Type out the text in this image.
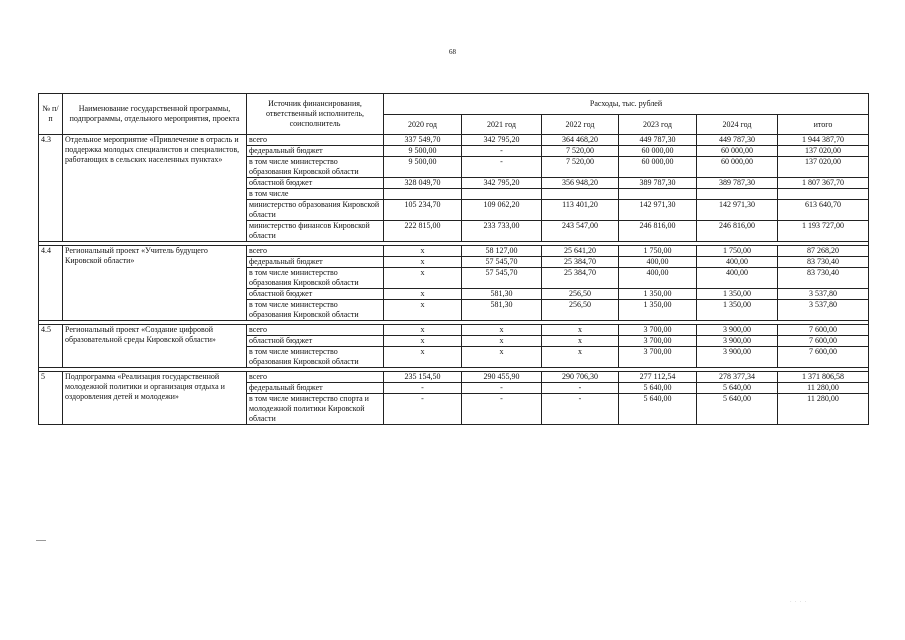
68
№ п/п	Наименование государственной программы, подпрограммы, отдельного мероприятия, проекта	Источник финансирования, ответственный исполнитель, соисполнитель	Расходы, тыс. рублей					
			2020 год	2021 год	2022 год	2023 год	2024 год	итого
4.3	Отдельное мероприятие «Привлечение в отрасль и поддержка молодых специалистов и специалистов, работающих в сельских населенных пунктах»	всего	337 549,70	342 795,20	364 468,20	449 787,30	449 787,30	1 944 387,70
		федеральный бюджет	9 500,00	-	7 520,00	60 000,00	60 000,00	137 020,00
		в том числе министерство образования Кировской области	9 500,00	-	7 520,00	60 000,00	60 000,00	137 020,00
		областной бюджет	328 049,70	342 795,20	356 948,20	389 787,30	389 787,30	1 807 367,70
		в том числе						
		министерство образования Кировской области	105 234,70	109 062,20	113 401,20	142 971,30	142 971,30	613 640,70
		министерство финансов Кировской области	222 815,00	233 733,00	243 547,00	246 816,00	246 816,00	1 193 727,00

4.4	Региональный проект «Учитель будущего Кировской области»	всего	х	58 127,00	25 641,20	1 750,00	1 750,00	87 268,20
		федеральный бюджет	х	57 545,70	25 384,70	400,00	400,00	83 730,40
		в том числе министерство образования Кировской области	х	57 545,70	25 384,70	400,00	400,00	83 730,40
		областной бюджет	х	581,30	256,50	1 350,00	1 350,00	3 537,80
		в том числе министерство образования Кировской области	х	581,30	256,50	1 350,00	1 350,00	3 537,80

4.5	Региональный проект «Создание цифровой образовательной среды Кировской области»	всего	х	х	х	3 700,00	3 900,00	7 600,00
		областной бюджет	х	х	х	3 700,00	3 900,00	7 600,00
		в том числе министерство образования Кировской области	х	х	х	3 700,00	3 900,00	7 600,00

5	Подпрограмма «Реализация государственной молодежной политики и организация отдыха и оздоровления детей и молодежи»	всего	235 154,50	290 455,90	290 706,30	277 112,54	278 377,34	1 371 806,58
		федеральный бюджет	-	-	-	5 640,00	5 640,00	11 280,00
		в том числе министерство спорта и молодежной политики Кировской области	-	-	-	5 640,00	5 640,00	11 280,00
· · · ·
